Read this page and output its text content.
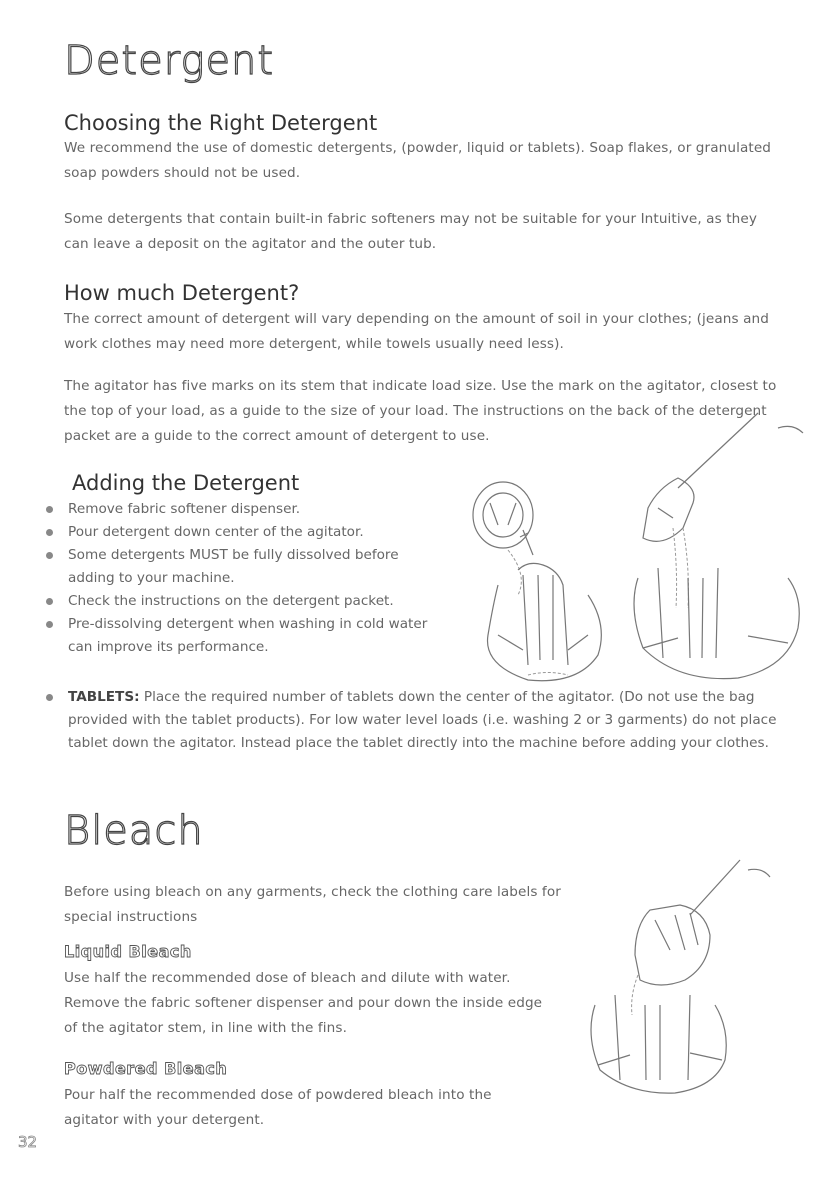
Detergent
Choosing the Right Detergent
We recommend the use of domestic detergents, (powder, liquid or tablets). Soap flakes, or granulated soap powders should not be used.
Some detergents that contain built-in fabric softeners may not be suitable for your Intuitive, as they can leave a deposit on the agitator and the outer tub.
How much Detergent?
The correct amount of detergent will vary depending on the amount of soil in your clothes; (jeans and work clothes may need more detergent, while towels usually need less).
The agitator has five marks on its stem that indicate load size. Use the mark on the agitator, closest to the top of your load, as a guide to the size of your load. The instructions on the back of the detergent packet are a guide to the correct amount of detergent to use.
Adding the Detergent
Remove fabric softener dispenser.
Pour detergent down center of the agitator.
Some detergents MUST be fully dissolved before adding to your machine.
Check the instructions on the detergent packet.
Pre-dissolving detergent when washing in cold water can improve its performance.
TABLETS: Place the required number of tablets down the center of the agitator. (Do not use the bag provided with the tablet products). For low water level loads (i.e. washing 2 or 3 garments) do not place tablet down the agitator. Instead place the tablet directly into the machine before adding your clothes.
Bleach
Before using bleach on any garments, check the clothing care labels for special instructions
Liquid Bleach
Use half the recommended dose of bleach and dilute with water. Remove the fabric softener dispenser and pour down the inside edge of the agitator stem, in line with the fins.
Powdered Bleach
Pour half the recommended dose of powdered bleach into the agitator with your detergent.
32
